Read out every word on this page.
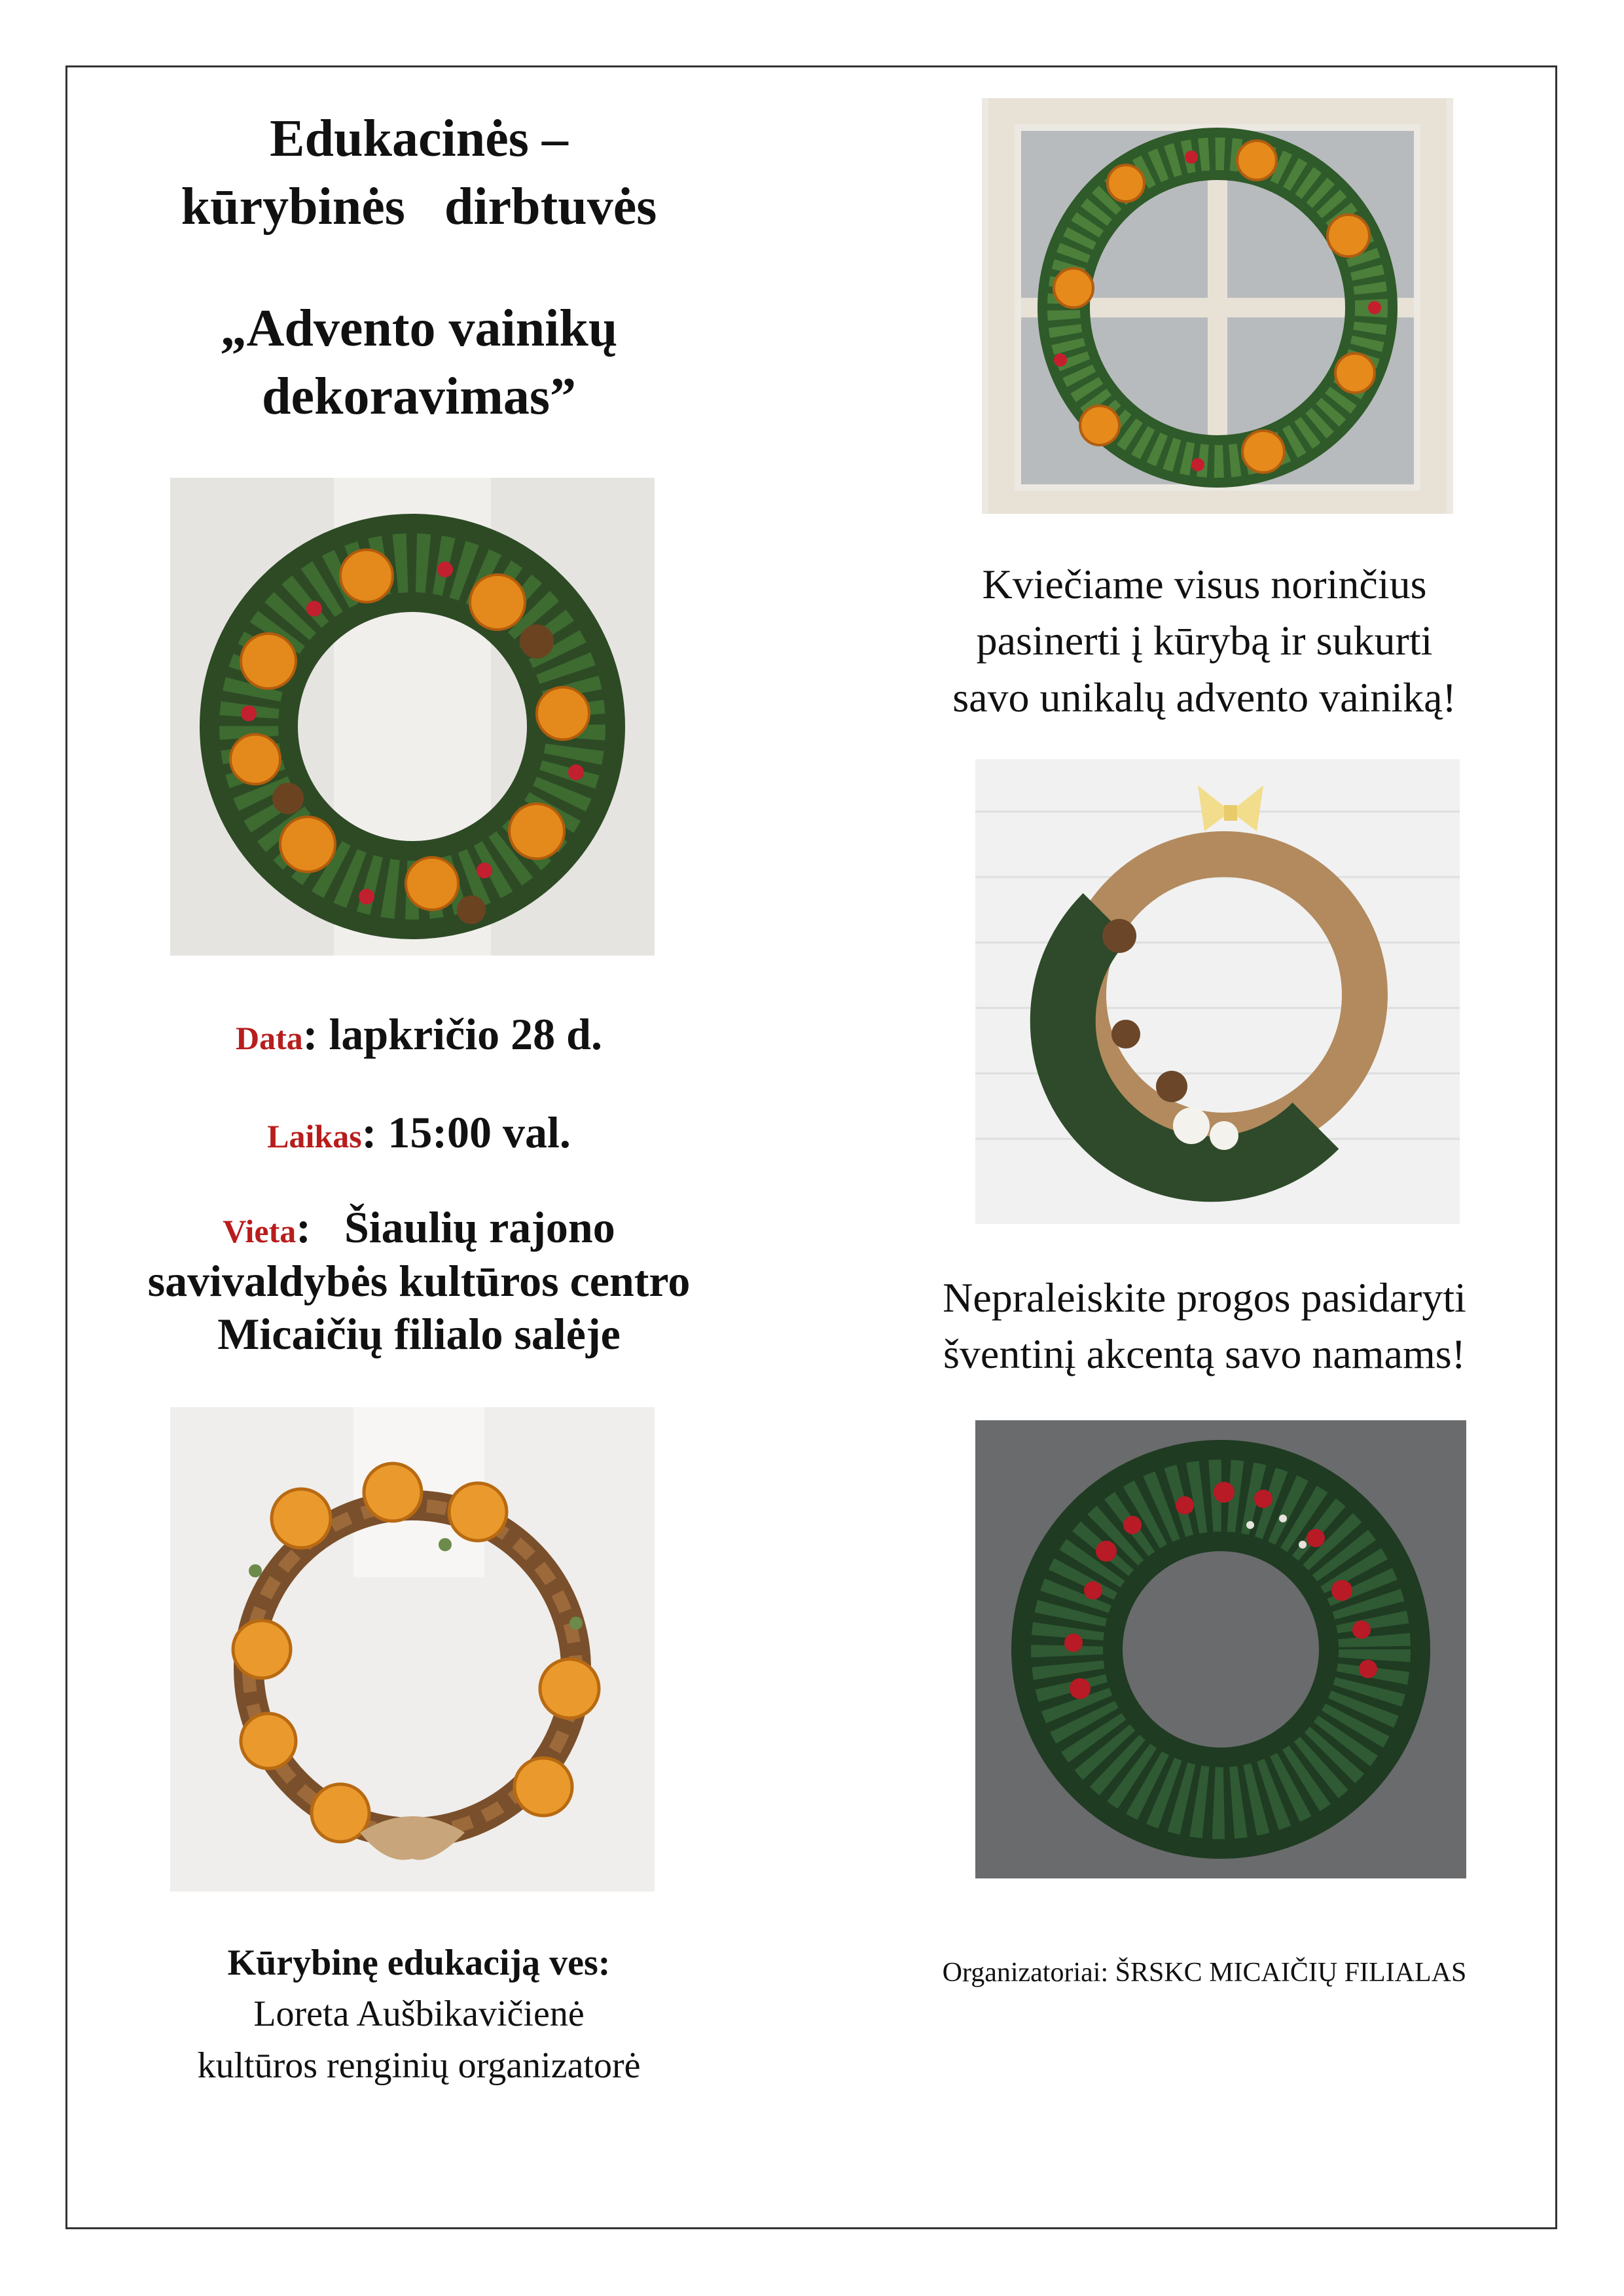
Edukacinės –

kūrybinės   dirbtuvės

„Advento vainikų
dekoravimas”
Data: lapkričio 28 d.
Laikas: 15:00 val.
Vieta:   Šiaulių rajono
savivaldybės kultūros centro
Micaičių filialo salėje
Kūrybinę edukaciją ves:
Loreta Aušbikavičienė
kultūros renginių organizatorė
Kviečiame visus norinčius
pasinerti į kūrybą ir sukurti
savo unikalų advento vainiką!
Nepraleiskite progos pasidaryti
šventinį akcentą savo namams!
Organizatoriai: ŠRSKC MICAIČIŲ FILIALAS
